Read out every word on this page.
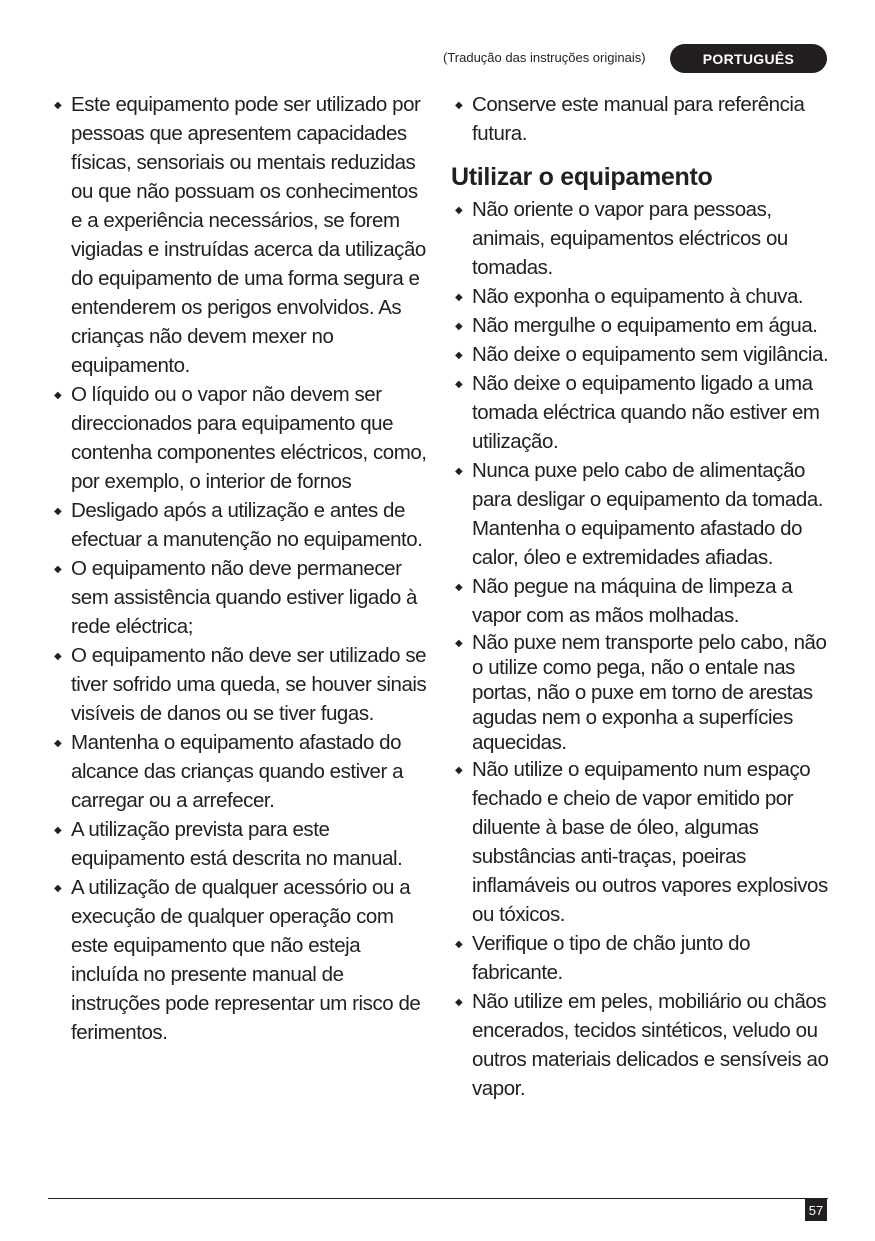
(Tradução das instruções originais)	PORTUGUÊS
◆ Este equipamento pode ser utilizado por pessoas que apresentem capacidades físicas, sensoriais ou mentais reduzidas ou que não possuam os conhecimentos e a experiência necessários, se forem vigiadas e instruídas acerca da utilização do equipamento de uma forma segura e entenderem os perigos envolvidos. As crianças não devem mexer no equipamento.
◆ O líquido ou o vapor não devem ser direccionados para equipamento que contenha componentes eléctricos, como, por exemplo, o interior de fornos
◆ Desligado após a utilização e antes de efectuar a manutenção no equipamento.
◆ O equipamento não deve permanecer sem assistência quando estiver ligado à rede eléctrica;
◆ O equipamento não deve ser utilizado se tiver sofrido uma queda, se houver sinais visíveis de danos ou se tiver fugas.
◆ Mantenha o equipamento afastado do alcance das crianças quando estiver a carregar ou a arrefecer.
◆ A utilização prevista para este equipamento está descrita no manual.
◆ A utilização de qualquer acessório ou a execução de qualquer operação com este equipamento que não esteja incluída no presente manual de instruções pode representar um risco de ferimentos.
◆ Conserve este manual para referência futura.
Utilizar o equipamento
◆ Não oriente o vapor para pessoas, animais, equipamentos eléctricos ou tomadas.
◆ Não exponha o equipamento à chuva.
◆ Não mergulhe o equipamento em água.
◆ Não deixe o equipamento sem vigilância.
◆ Não deixe o equipamento ligado a uma tomada eléctrica quando não estiver em utilização.
◆ Nunca puxe pelo cabo de alimentação para desligar o equipamento da tomada. Mantenha o equipamento afastado do calor, óleo e extremidades afiadas.
◆ Não pegue na máquina de limpeza a vapor com as mãos molhadas.
◆ Não puxe nem transporte pelo cabo, não o utilize como pega, não o entale nas portas, não o puxe em torno de arestas agudas nem o exponha a superfícies aquecidas.
◆ Não utilize o equipamento num espaço fechado e cheio de vapor emitido por diluente à base de óleo, algumas substâncias anti-traças, poeiras inflamáveis ou outros vapores explosivos ou tóxicos.
◆ Verifique o tipo de chão junto do fabricante.
◆ Não utilize em peles, mobiliário ou chãos encerados, tecidos sintéticos, veludo ou outros materiais delicados e sensíveis ao vapor.
57
